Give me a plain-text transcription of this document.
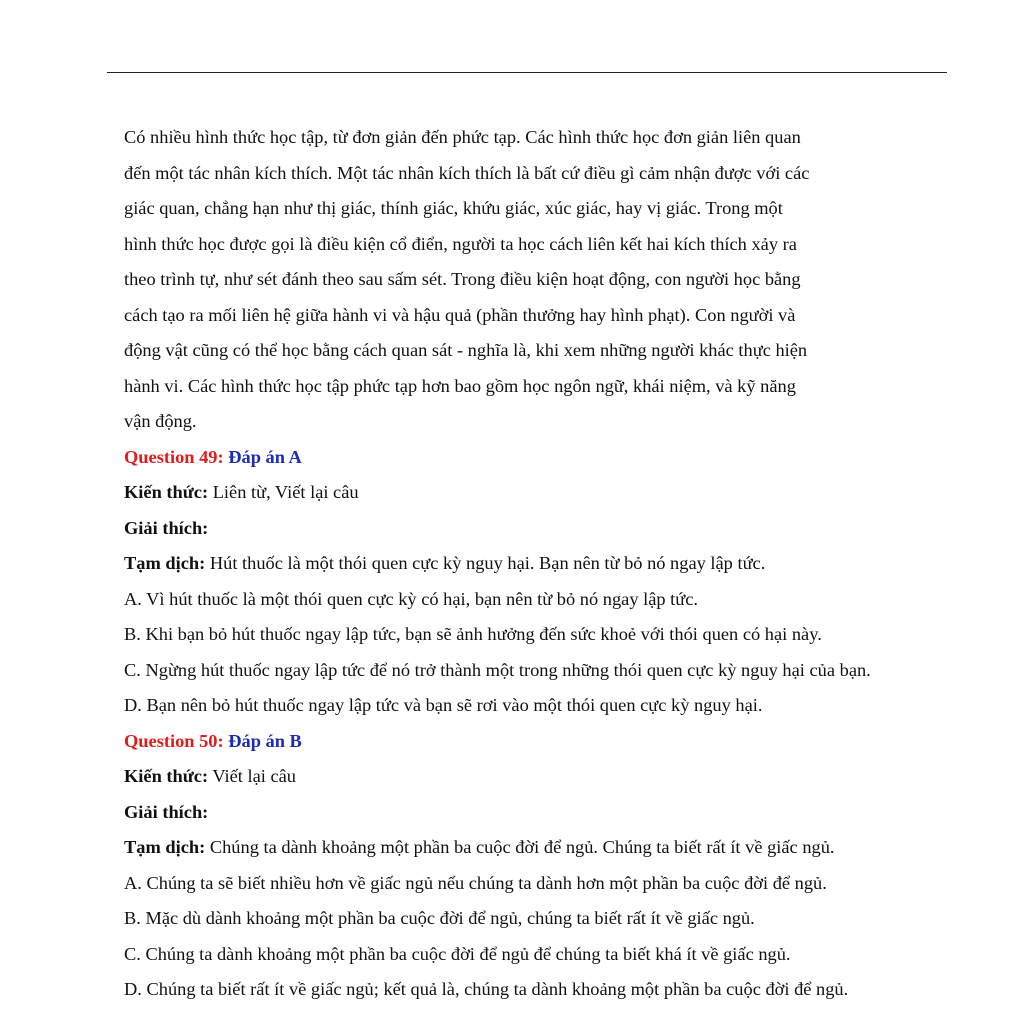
Có nhiều hình thức học tập, từ đơn giản đến phức tạp. Các hình thức học đơn giản liên quan

đến một tác nhân kích thích. Một tác nhân kích thích là bất cứ điều gì cảm nhận được với các

giác quan, chẳng hạn như thị giác, thính giác, khứu giác, xúc giác, hay vị giác. Trong một

hình thức học được gọi là điều kiện cổ điển, người ta học cách liên kết hai kích thích xảy ra

theo trình tự, như sét đánh theo sau sấm sét. Trong điều kiện hoạt động, con người học bằng

cách tạo ra mối liên hệ giữa hành vi và hậu quả (phần thưởng hay hình phạt). Con người và

động vật cũng có thể học bằng cách quan sát - nghĩa là, khi xem những người khác thực hiện

hành vi. Các hình thức học tập phức tạp hơn bao gồm học ngôn ngữ, khái niệm, và kỹ năng

vận động.

Question 49: Đáp án A

Kiến thức: Liên từ, Viết lại câu

Giải thích:

Tạm dịch: Hút thuốc là một thói quen cực kỳ nguy hại. Bạn nên từ bỏ nó ngay lập tức.

A. Vì hút thuốc là một thói quen cực kỳ có hại, bạn nên từ bỏ nó ngay lập tức.

B. Khi bạn bỏ hút thuốc ngay lập tức, bạn sẽ ảnh hưởng đến sức khoẻ với thói quen có hại này.

C. Ngừng hút thuốc ngay lập tức để nó trở thành một trong những thói quen cực kỳ nguy hại của bạn.

D. Bạn nên bỏ hút thuốc ngay lập tức và bạn sẽ rơi vào một thói quen cực kỳ nguy hại.

Question 50: Đáp án B

Kiến thức: Viết lại câu

Giải thích:

Tạm dịch: Chúng ta dành khoảng một phần ba cuộc đời để ngủ. Chúng ta biết rất ít về giấc ngủ.

A. Chúng ta sẽ biết nhiều hơn về giấc ngủ nếu chúng ta dành hơn một phần ba cuộc đời để ngủ.

B. Mặc dù dành khoảng một phần ba cuộc đời để ngủ, chúng ta biết rất ít về giấc ngủ.

C. Chúng ta dành khoảng một phần ba cuộc đời để ngủ để chúng ta biết khá ít về giấc ngủ.

D. Chúng ta biết rất ít về giấc ngủ; kết quả là, chúng ta dành khoảng một phần ba cuộc đời để ngủ.
